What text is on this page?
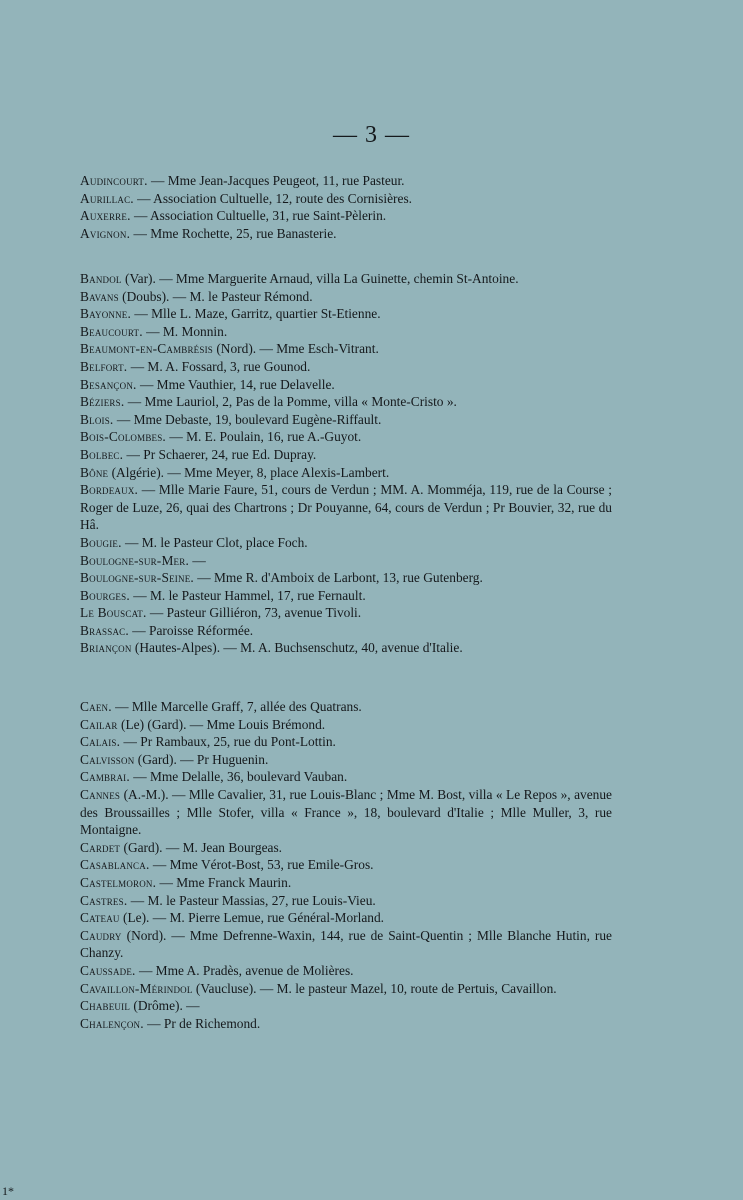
— 3 —
Audincourt. — Mme Jean-Jacques Peugeot, 11, rue Pasteur.
Aurillac. — Association Cultuelle, 12, route des Cornisières.
Auxerre. — Association Cultuelle, 31, rue Saint-Pèlerin.
Avignon. — Mme Rochette, 25, rue Banasterie.
Bandol (Var). — Mme Marguerite Arnaud, villa La Guinette, chemin St-Antoine.
Bavans (Doubs). — M. le Pasteur Rémond.
Bayonne. — Mlle L. Maze, Garritz, quartier St-Etienne.
Beaucourt. — M. Monnin.
Beaumont-en-Cambrésis (Nord). — Mme Esch-Vitrant.
Belfort. — M. A. Fossard, 3, rue Gounod.
Besançon. — Mme Vauthier, 14, rue Delavelle.
Béziers. — Mme Lauriol, 2, Pas de la Pomme, villa « Monte-Cristo ».
Blois. — Mme Debaste, 19, boulevard Eugène-Riffault.
Bois-Colombes. — M. E. Poulain, 16, rue A.-Guyot.
Bolbec. — Pr Schaerer, 24, rue Ed. Dupray.
Bône (Algérie). — Mme Meyer, 8, place Alexis-Lambert.
Bordeaux. — Mlle Marie Faure, 51, cours de Verdun ; MM. A. Momméja, 119, rue de la Course ; Roger de Luze, 26, quai des Chartrons ; Dr Pouyanne, 64, cours de Verdun ; Pr Bouvier, 32, rue du Hâ.
Bougie. — M. le Pasteur Clot, place Foch.
Boulogne-sur-Mer. —
Boulogne-sur-Seine. — Mme R. d'Amboix de Larbont, 13, rue Gutenberg.
Bourges. — M. le Pasteur Hammel, 17, rue Fernault.
Le Bouscat. — Pasteur Gilliéron, 73, avenue Tivoli.
Brassac. — Paroisse Réformée.
Briançon (Hautes-Alpes). — M. A. Buchsenschutz, 40, avenue d'Italie.
Caen. — Mlle Marcelle Graff, 7, allée des Quatrans.
Cailar (Le) (Gard). — Mme Louis Brémond.
Calais. — Pr Rambaux, 25, rue du Pont-Lottin.
Calvisson (Gard). — Pr Huguenin.
Cambrai. — Mme Delalle, 36, boulevard Vauban.
Cannes (A.-M.). — Mlle Cavalier, 31, rue Louis-Blanc ; Mme M. Bost, villa « Le Repos », avenue des Broussailles ; Mlle Stofer, villa « France », 18, boulevard d'Italie ; Mlle Muller, 3, rue Montaigne.
Cardet (Gard). — M. Jean Bourgeas.
Casablanca. — Mme Vérot-Bost, 53, rue Emile-Gros.
Castelmoron. — Mme Franck Maurin.
Castres. — M. le Pasteur Massias, 27, rue Louis-Vieu.
Cateau (Le). — M. Pierre Lemue, rue Général-Morland.
Caudry (Nord). — Mme Defrenne-Waxin, 144, rue de Saint-Quentin ; Mlle Blanche Hutin, rue Chanzy.
Caussade. — Mme A. Pradès, avenue de Molières.
Cavaillon-Mérindol (Vaucluse). — M. le pasteur Mazel, 10, route de Pertuis, Cavaillon.
Chabeuil (Drôme). —
Chalençon. — Pr de Richemond.
1*
